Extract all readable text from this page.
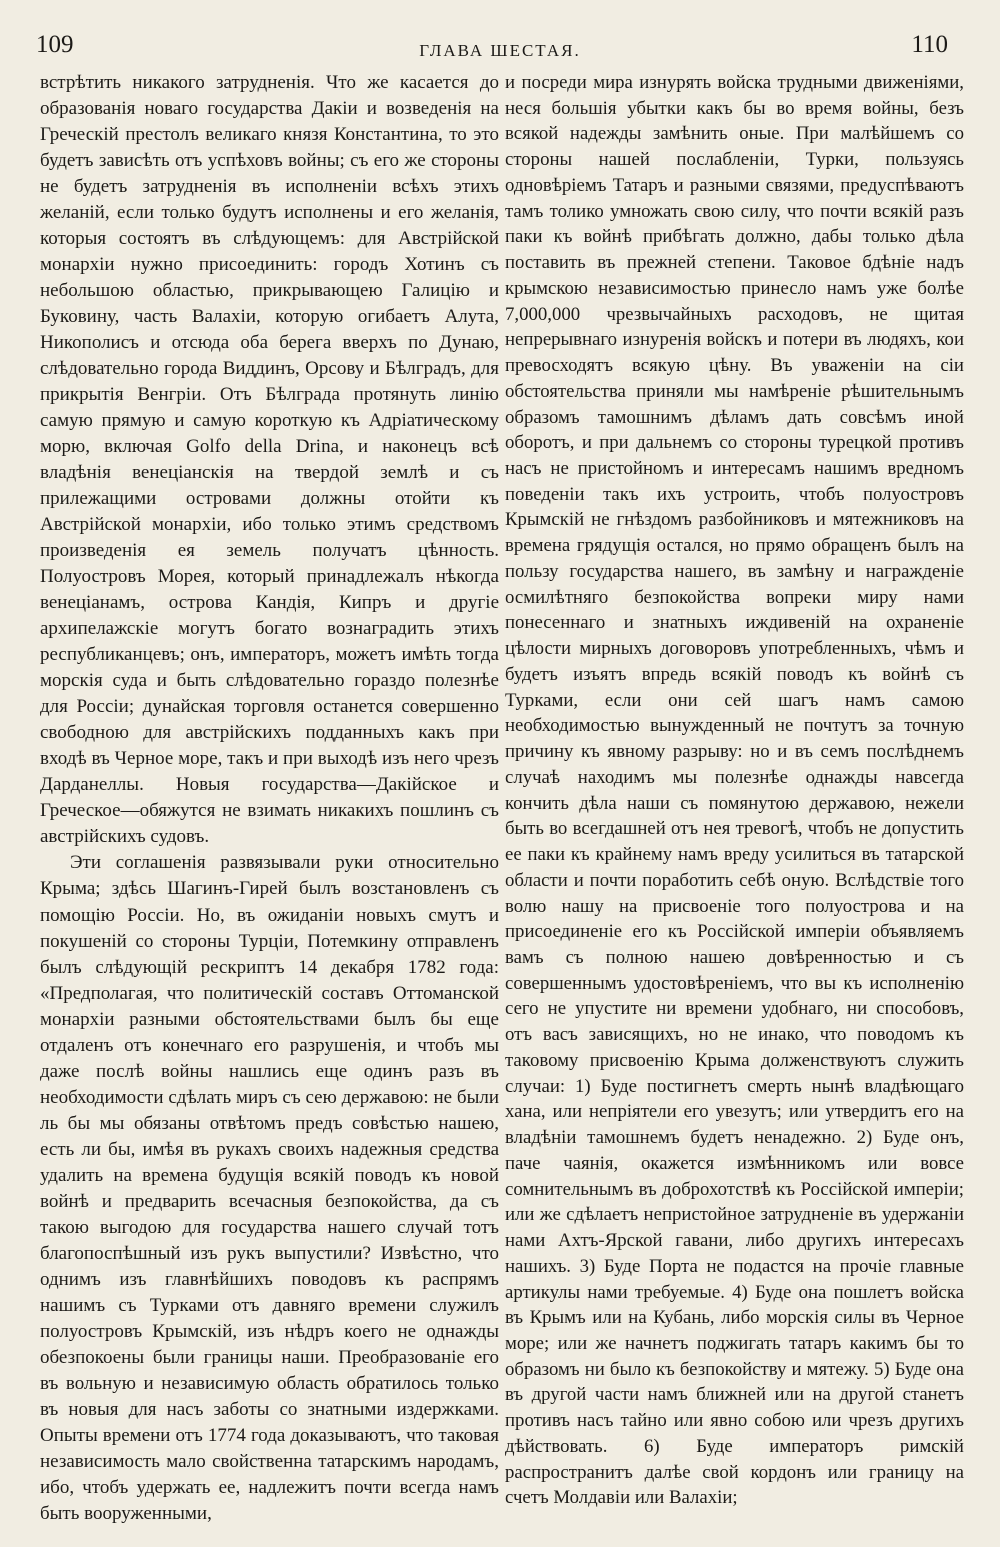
109	ГЛАВА ШЕСТАЯ.	110

встрѣтить никакого затрудненія. Что же касается до образованія новаго государства Дакіи и возведенія на Греческій престолъ великаго князя Константина, то это будетъ зависѣть отъ успѣховъ войны; съ его же стороны не будетъ затрудненія въ исполненіи всѣхъ этихъ желаній, если только будутъ исполнены и его желанія, которыя состоятъ въ слѣдующемъ: для Австрійской монархіи нужно присоединить: городъ Хотинъ съ небольшою областью, прикрывающею Галицію и Буковину, часть Валахіи, которую огибаетъ Алута, Никополисъ и отсюда оба берега вверхъ по Дунаю, слѣдовательно города Виддинъ, Орсову и Бѣлградъ, для прикрытія Венгріи. Отъ Бѣлграда протянуть линію самую прямую и самую короткую къ Адріатическому морю, включая Golfo della Drina, и наконецъ всѣ владѣнія венеціанскія на твердой землѣ и съ прилежащими островами должны отойти къ Австрійской монархіи, ибо только этимъ средствомъ произведенія ея земель получатъ цѣнность. Полуостровъ Морея, который принадлежалъ нѣкогда венеціанамъ, острова Кандія, Кипръ и другіе архипелажскіе могутъ богато вознаградить этихъ республиканцевъ; онъ, императоръ, можетъ имѣть тогда морскія суда и быть слѣдовательно гораздо полезнѣе для Россіи; дунайская торговля останется совершенно свободною для австрійскихъ подданныхъ какъ при входѣ въ Черное море, такъ и при выходѣ изъ него чрезъ Дарданеллы. Новыя государства—Дакійское и Греческое—обяжутся не взимать никакихъ пошлинъ съ австрійскихъ судовъ.

Эти соглашенія развязывали руки относительно Крыма; здѣсь Шагинъ-Гирей былъ возстановленъ съ помощію Россіи. Но, въ ожиданіи новыхъ смутъ и покушеній со стороны Турціи, Потемкину отправленъ былъ слѣдующій рескриптъ 14 декабря 1782 года: «Предполагая, что политическій составъ Оттоманской монархіи разными обстоятельствами былъ бы еще отдаленъ отъ конечнаго его разрушенія, и чтобъ мы даже послѣ войны нашлись еще одинъ разъ въ необходимости сдѣлать миръ съ сею державою: не были ль бы мы обязаны отвѣтомъ предъ совѣстью нашею, есть ли бы, имѣя въ рукахъ своихъ надежныя средства удалить на времена будущія всякій поводъ къ новой войнѣ и предварить всечасныя безпокойства, да съ такою выгодою для государства нашего случай тотъ благопоспѣшный изъ рукъ выпустили? Извѣстно, что однимъ изъ главнѣйшихъ поводовъ къ распрямъ нашимъ съ Турками отъ давняго времени служилъ полуостровъ Крымскій, изъ нѣдръ коего не однажды обезпокоены были границы наши. Преобразованіе его въ вольную и независимую область обратилось только въ новыя для насъ заботы со знатными издержками. Опыты времени отъ 1774 года доказываютъ, что таковая независимость мало свойственна татарскимъ народамъ, ибо, чтобъ удержать ее, надлежитъ почти всегда намъ быть вооруженными,

и посреди мира изнурять войска трудными движеніями, неся большія убытки какъ бы во время войны, безъ всякой надежды замѣнить оные. При малѣйшемъ со стороны нашей послабленіи, Турки, пользуясь одновѣріемъ Татаръ и разными связями, предуспѣваютъ тамъ толико умножать свою силу, что почти всякій разъ паки къ войнѣ прибѣгать должно, дабы только дѣла поставить въ прежней степени. Таковое бдѣніе надъ крымскою независимостью принесло намъ уже болѣе 7,000,000 чрезвычайныхъ расходовъ, не щитая непрерывнаго изнуренія войскъ и потери въ людяхъ, кои превосходятъ всякую цѣну. Въ уваженіи на сіи обстоятельства приняли мы намѣреніе рѣшительнымъ образомъ тамошнимъ дѣламъ дать совсѣмъ иной оборотъ, и при дальнемъ со стороны турецкой противъ насъ не пристойномъ и интересамъ нашимъ вредномъ поведеніи такъ ихъ устроить, чтобъ полуостровъ Крымскій не гнѣздомъ разбойниковъ и мятежниковъ на времена грядущія остался, но прямо обращенъ былъ на пользу государства нашего, въ замѣну и награжденіе осмилѣтняго безпокойства вопреки миру нами понесеннаго и знатныхъ иждивеній на охраненіе цѣлости мирныхъ договоровъ употребленныхъ, чѣмъ и будетъ изъятъ впредь всякій поводъ къ войнѣ съ Турками, если они сей шагъ намъ самою необходимостью вынужденный не почтутъ за точную причину къ явному разрыву: но и въ семъ послѣднемъ случаѣ находимъ мы полезнѣе однажды навсегда кончить дѣла наши съ помянутою державою, нежели быть во всегдашней отъ нея тревогѣ, чтобъ не допустить ее паки къ крайнему намъ вреду усилиться въ татарской области и почти поработить себѣ оную. Вслѣдствіе того волю нашу на присвоеніе того полуострова и на присоединеніе его къ Россійской имперіи объявляемъ вамъ съ полною нашею довѣренностью и съ совершеннымъ удостовѣреніемъ, что вы къ исполненію сего не упустите ни времени удобнаго, ни способовъ, отъ васъ зависящихъ, но не инако, что поводомъ къ таковому присвоенію Крыма долженствуютъ служить случаи: 1) Буде постигнетъ смерть нынѣ владѣющаго хана, или непріятели его увезутъ; или утвердитъ его на владѣніи тамошнемъ будетъ ненадежно. 2) Буде онъ, паче чаянія, окажется измѣнникомъ или вовсе сомнительнымъ въ доброхотствѣ къ Россійской имперіи; или же сдѣлаетъ непристойное затрудненіе въ удержаніи нами Ахтъ-Ярской гавани, либо другихъ интересахъ нашихъ. 3) Буде Порта не подастся на прочіе главные артикулы нами требуемые. 4) Буде она пошлетъ войска въ Крымъ или на Кубань, либо морскія силы въ Черное море; или же начнетъ поджигать татаръ какимъ бы то образомъ ни было къ безпокойству и мятежу. 5) Буде она въ другой части намъ ближней или на другой станетъ противъ насъ тайно или явно собою или чрезъ другихъ дѣйствовать. 6) Буде императоръ римскій распространитъ далѣе свой кордонъ или границу на счетъ Молдавіи или Валахіи;
